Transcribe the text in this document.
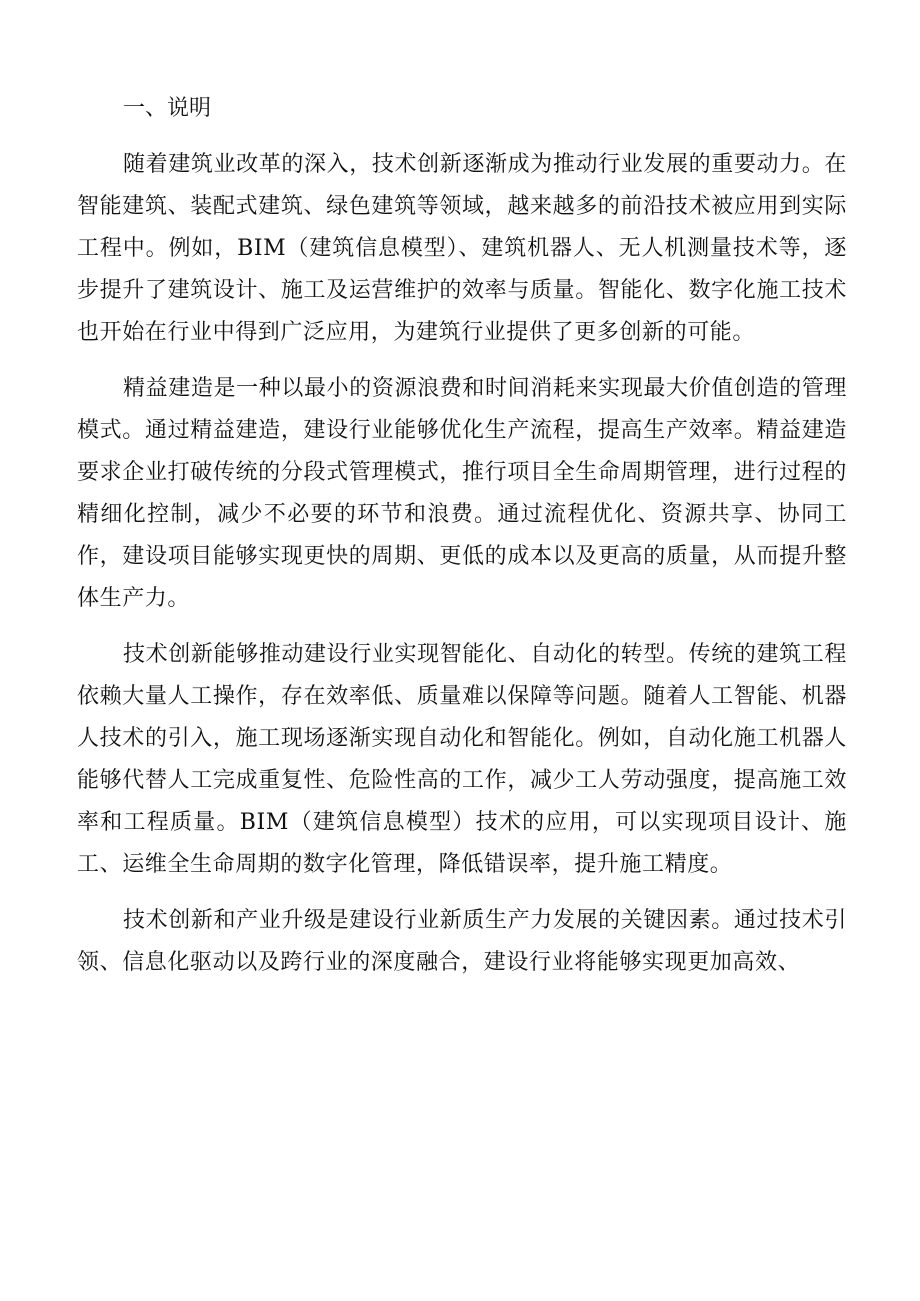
一、说明

随着建筑业改革的深入，技术创新逐渐成为推动行业发展的重要动力。在智能建筑、装配式建筑、绿色建筑等领域，越来越多的前沿技术被应用到实际工程中。例如，BIM（建筑信息模型）、建筑机器人、无人机测量技术等，逐步提升了建筑设计、施工及运营维护的效率与质量。智能化、数字化施工技术也开始在行业中得到广泛应用，为建筑行业提供了更多创新的可能。

精益建造是一种以最小的资源浪费和时间消耗来实现最大价值创造的管理模式。通过精益建造，建设行业能够优化生产流程，提高生产效率。精益建造要求企业打破传统的分段式管理模式，推行项目全生命周期管理，进行过程的精细化控制，减少不必要的环节和浪费。通过流程优化、资源共享、协同工作，建设项目能够实现更快的周期、更低的成本以及更高的质量，从而提升整体生产力。

技术创新能够推动建设行业实现智能化、自动化的转型。传统的建筑工程依赖大量人工操作，存在效率低、质量难以保障等问题。随着人工智能、机器人技术的引入，施工现场逐渐实现自动化和智能化。例如，自动化施工机器人能够代替人工完成重复性、危险性高的工作，减少工人劳动强度，提高施工效率和工程质量。BIM（建筑信息模型）技术的应用，可以实现项目设计、施工、运维全生命周期的数字化管理，降低错误率，提升施工精度。

技术创新和产业升级是建设行业新质生产力发展的关键因素。通过技术引领、信息化驱动以及跨行业的深度融合，建设行业将能够实现更加高效、
